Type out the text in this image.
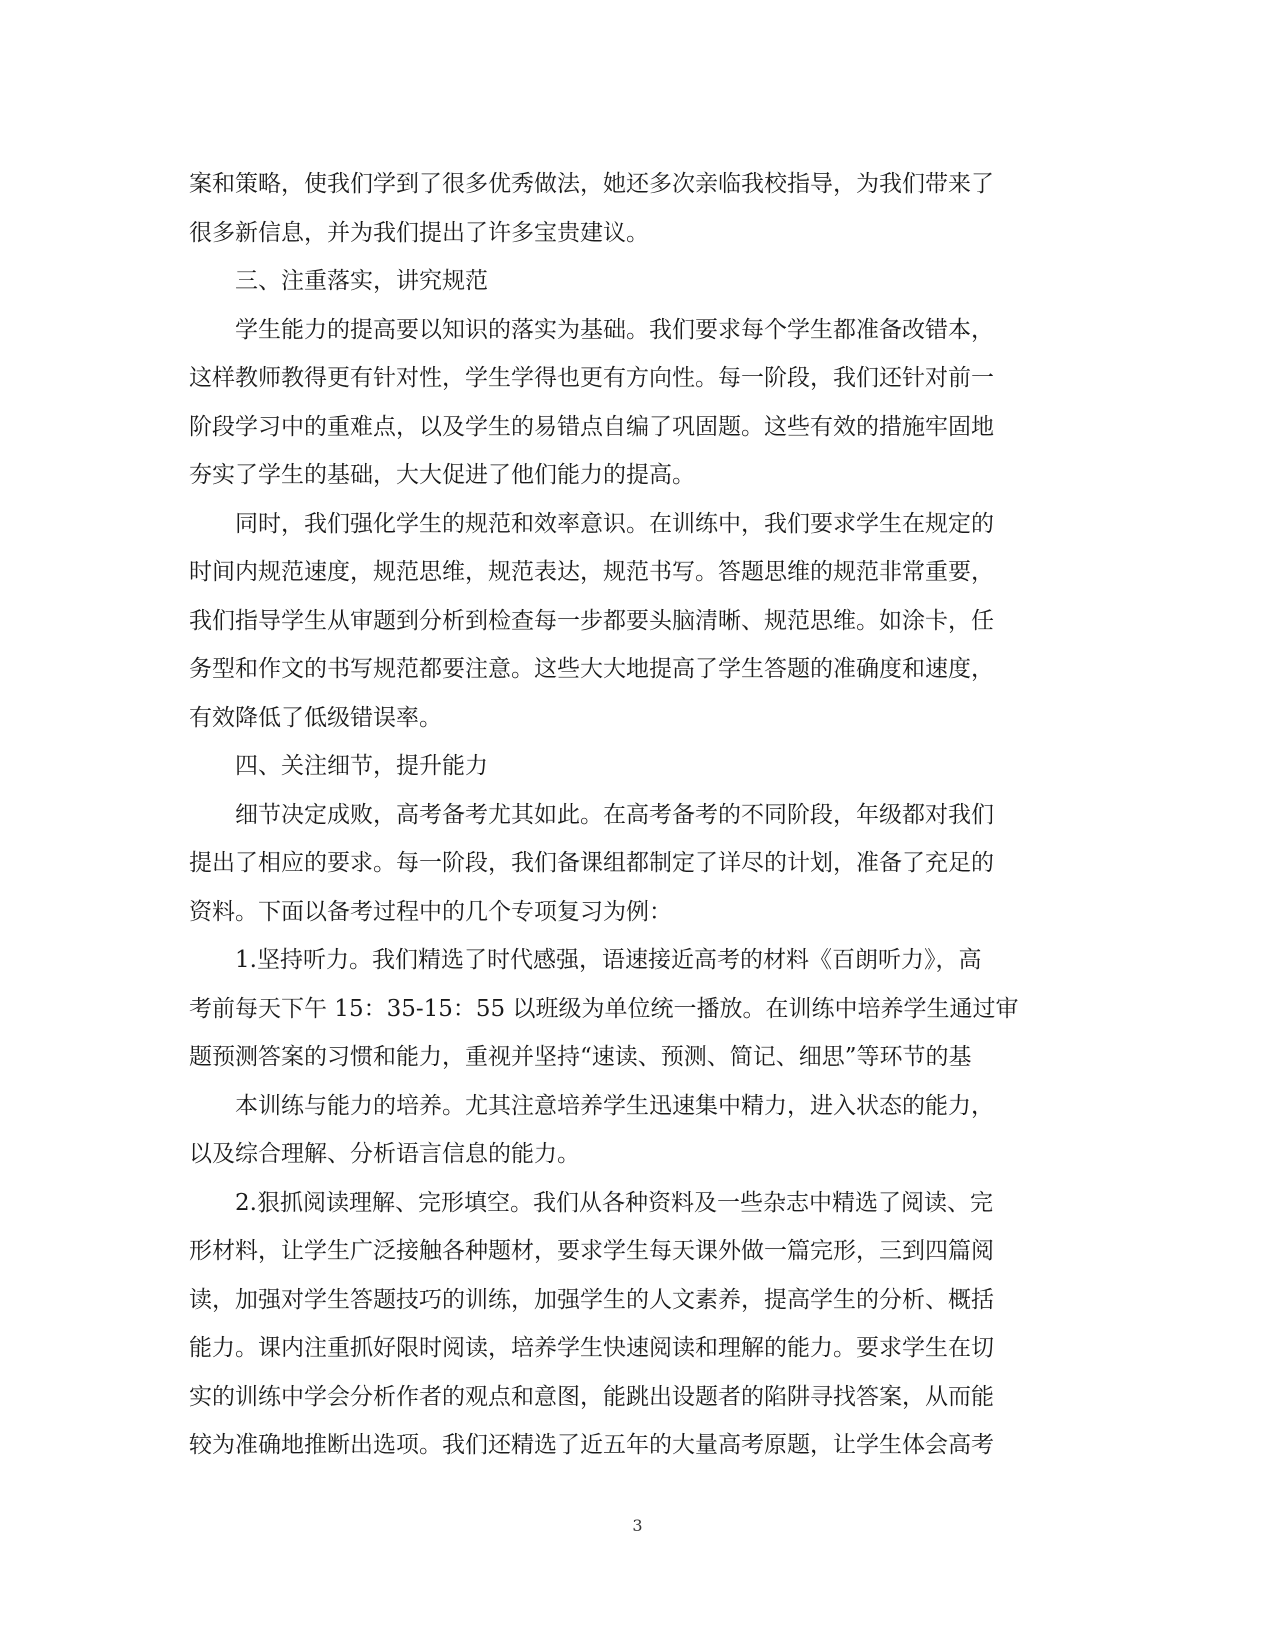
案和策略，使我们学到了很多优秀做法，她还多次亲临我校指导，为我们带来了
很多新信息，并为我们提出了许多宝贵建议。
三、注重落实，讲究规范
学生能力的提高要以知识的落实为基础。我们要求每个学生都准备改错本，
这样教师教得更有针对性，学生学得也更有方向性。每一阶段，我们还针对前一
阶段学习中的重难点，以及学生的易错点自编了巩固题。这些有效的措施牢固地
夯实了学生的基础，大大促进了他们能力的提高。
同时，我们强化学生的规范和效率意识。在训练中，我们要求学生在规定的
时间内规范速度，规范思维，规范表达，规范书写。答题思维的规范非常重要，
我们指导学生从审题到分析到检查每一步都要头脑清晰、规范思维。如涂卡，任
务型和作文的书写规范都要注意。这些大大地提高了学生答题的准确度和速度，
有效降低了低级错误率。
四、关注细节，提升能力
细节决定成败，高考备考尤其如此。在高考备考的不同阶段，年级都对我们
提出了相应的要求。每一阶段，我们备课组都制定了详尽的计划，准备了充足的
资料。下面以备考过程中的几个专项复习为例：
1.坚持听力。我们精选了时代感强，语速接近高考的材料《百朗听力》，高
考前每天下午 15：35-15：55 以班级为单位统一播放。在训练中培养学生通过审
题预测答案的习惯和能力，重视并坚持“速读、预测、简记、细思”等环节的基
本训练与能力的培养。尤其注意培养学生迅速集中精力，进入状态的能力，
以及综合理解、分析语言信息的能力。
2.狠抓阅读理解、完形填空。我们从各种资料及一些杂志中精选了阅读、完
形材料，让学生广泛接触各种题材，要求学生每天课外做一篇完形，三到四篇阅
读，加强对学生答题技巧的训练，加强学生的人文素养，提高学生的分析、概括
能力。课内注重抓好限时阅读，培养学生快速阅读和理解的能力。要求学生在切
实的训练中学会分析作者的观点和意图，能跳出设题者的陷阱寻找答案，从而能
较为准确地推断出选项。我们还精选了近五年的大量高考原题，让学生体会高考
3
